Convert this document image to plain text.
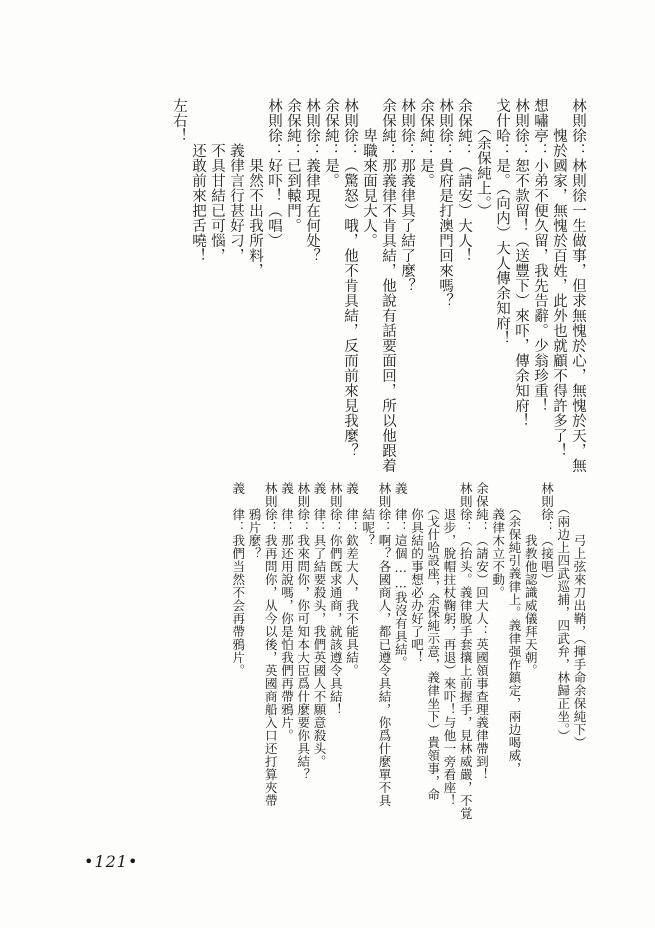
林則徐：林則徐一生做事，但求無愧於心，無愧於天，無
　　愧於國家，無愧於百姓，此外也就顧不得許多了！
想嘯亭：小弟不便久留，我先告辭。少翁珍重！
林則徐：恕不款留！（送豐下）來吓，傳余知府！
戈什哈：是。（向内）大人傳余知府！
　　（余保純上。）
余保純：（請安）大人！
林則徐：貴府是打澳門回來嗎？
余保純：是。
林則徐：那義律具了結了麼？
余保純：那義律不肯具結，他說有話要面回，所以他跟着
　　卑職來面見大人。
林則徐：（驚怒）哦，他不肯具結，反而前來見我麼？
余保純：是。
林則徐：義律現在何处？
余保純：已到轅門。
林則徐：好吓！（唱）
　　　　果然不出我所料，
　　　義律言行甚好刁，
　　　不具甘結已可惱，
　　　还敢前來把舌嘵！
左右！
　　　　弓上弦來刀出鞘，（揮手命余保純下）
　　（兩边上四武巡捕，四武弁，林歸正坐。）
林則徐：（接唱）
　　　　我教他認識威儀拜天朝。
　　（余保純引義律上。義律强作鎮定，兩边喝威，
　　義律木立不動。
余保純：（請安）回大人：英國領事查理義律帶到！
林則徐：（抬头。義律脫手套攘上前握手，見林威嚴，不覚
　　退步，脫帽拄杖鞠躬，再退）來吓！与他一旁看座！
　　（戈什哈設座，余保純示意，義律坐下）貴領事，命
　　你具結的事想必办好了吧！
義　律：這個……我沒有具結。
林則徐：啊？各國商人，都已遵令具結，你爲什麼單不具
　　結呢？
義　律：欽差大人，我不能具結。
林則徐：你們旣求通商，就該遵令具結！
義　律：具了結要殺头，我們英國人不願意殺头。
林則徐：我來問你，你可知本大臣爲什麼要你具結？
義　律：那还用說嗎，你是怕我們再帶鴉片。
林則徐：我再問你，从今以後，英國商船入口还打算夾帶
　　鴉片麼？
義　律：我們当然不会再帶鴉片。
•121•
